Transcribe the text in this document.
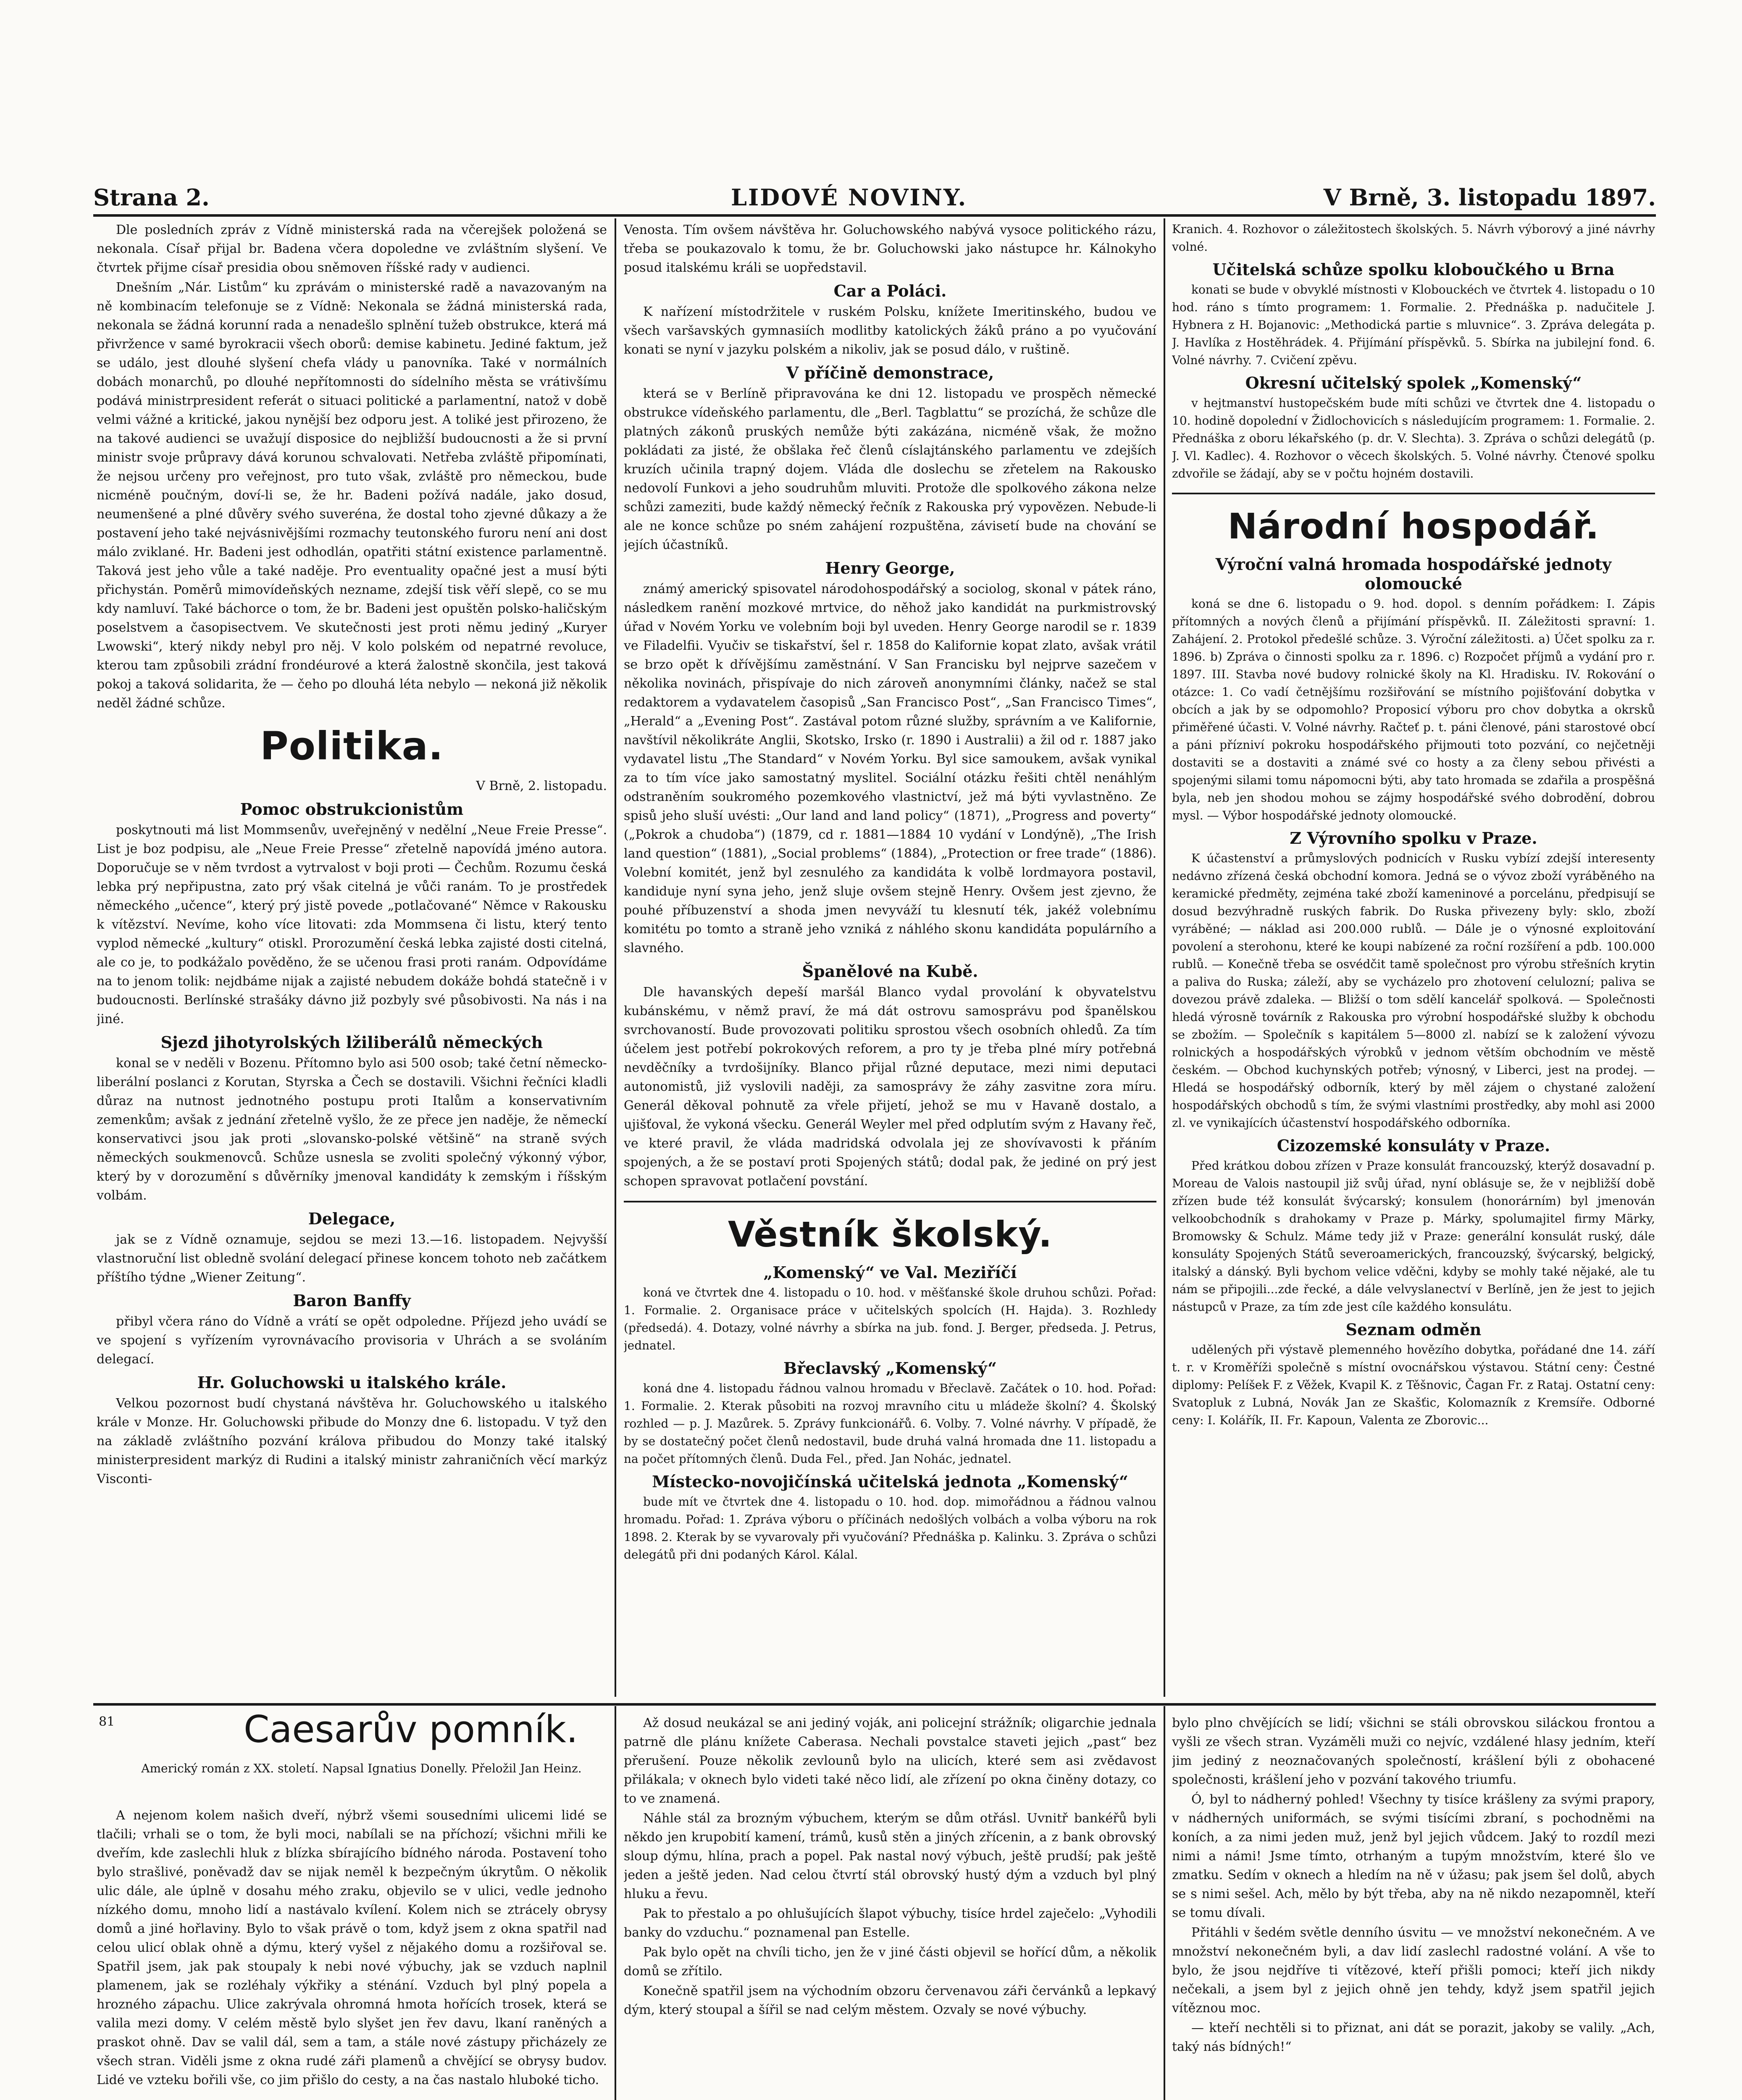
Strana 2.	LIDOVÉ NOVINY.	V Brně, 3. listopadu 1897.

Dle posledních zpráv z Vídně ministerská rada na včerejšek položená se nekonala. Císař přijal br. Badena včera dopoledne ve zvláštním slyšení. Ve čtvrtek přijme císař presidia obou sněmoven říšské rady v audienci.

Dnešním „Nár. Listům“ ku zprávám o ministerské radě a navazovaným na ně kombinacím telefonuje se z Vídně: Nekonala se žádná ministerská rada, nekonala se žádná korunní rada a nenadešlo splnění tužeb obstrukce, která má přivržence v samé byrokracii všech oborů: demise kabinetu. Jediné faktum, jež se událo, jest dlouhé slyšení chefa vlády u panovníka. Také v normálních dobách monarchů, po dlouhé nepřítomnosti do sídelního města se vrátivšímu podává ministrpresident referát o situaci politické a parlamentní, natož v době velmi vážné a kritické, jakou nynější bez odporu jest. A toliké jest přirozeno, že na takové audienci se uvažují disposice do nejbližší budoucnosti a že si první ministr svoje průpravy dává korunou schvalovati. Netřeba zvláště připomínati, že nejsou určeny pro veřejnost, pro tuto však, zvláště pro německou, bude nicméně poučným, doví-li se, že hr. Badeni požívá nadále, jako dosud, neumenšené a plné důvěry svého suveréna, že dostal toho zjevné důkazy a že postavení jeho také nejvásnivějšími rozmachy teutonského furoru není ani dost málo zviklané. Hr. Badeni jest odhodlán, opatřiti státní existence parlamentně. Taková jest jeho vůle a také naděje. Pro eventuality opačné jest a musí býti přichystán. Poměrů mimovídeňských nezname, zdejší tisk věří slepě, co se mu kdy namluví. Také báchorce o tom, že br. Badeni jest opuštěn polsko-haličským poselstvem a časopisectvem. Ve skutečnosti jest proti němu jediný „Kuryer Lwowski“, který nikdy nebyl pro něj. V kolo polském od nepatrné revoluce, kterou tam způsobili zrádní frondéurové a která žalostně skončila, jest taková pokoj a taková solidarita, že — čeho po dlouhá léta nebylo — nekoná již několik neděl žádné schůze.

Politika.

V Brně, 2. listopadu.

Pomoc obstrukcionistům

poskytnouti má list Mommsenův, uveřejněný v nedělní „Neue Freie Presse“. List je boz podpisu, ale „Neue Freie Presse“ zřetelně napovídá jméno autora. Doporučuje se v něm tvrdost a vytrvalost v boji proti — Čechům. Rozumu česká lebka prý nepřipustna, zato prý však citelná je vůči ranám. To je prostředek německého „učence“, který prý jistě povede „potlačované“ Němce v Rakousku k vítězství. Nevíme, koho více litovati: zda Mommsena či listu, který tento vyplod německé „kultury“ otiskl. Prorozumění česká lebka zajisté dosti citelná, ale co je, to podkážalo pověděno, že se učenou frasi proti ranám. Odpovídáme na to jenom tolik: nejdbáme nijak a zajisté nebudem dokáže bohdá statečně i v budoucnosti. Berlínské strašáky dávno již pozbyly své působivosti. Na nás i na jiné.

Sjezd jihotyrolských lžiliberálů německých

konal se v neděli v Bozenu. Přítomno bylo asi 500 osob; také četní německo-liberální poslanci z Korutan, Styrska a Čech se dostavili. Všichni řečníci kladli důraz na nutnost jednotného postupu proti Italům a konservativním zemenkům; avšak z jednání zřetelně vyšlo, že ze přece jen naděje, že německí konservativci jsou jak proti „slovansko-polské většině“ na straně svých německých soukmenovců. Schůze usnesla se zvoliti společný výkonný výbor, který by v dorozumění s důvěrníky jmenoval kandidáty k zemským i říšským volbám.

Delegace,

jak se z Vídně oznamuje, sejdou se mezi 13.—16. listopadem. Nejvyšší vlastnoruční list obledně svolání delegací přinese koncem tohoto neb začátkem příštího týdne „Wiener Zeitung“.

Baron Banffy

přibyl včera ráno do Vídně a vrátí se opět odpoledne. Příjezd jeho uvádí se ve spojení s vyřízením vyrovnávacího provisoria v Uhrách a se svoláním delegací.

Hr. Goluchowski u italského krále.

Velkou pozornost budí chystaná návštěva hr. Goluchowského u italského krále v Monze. Hr. Goluchowski přibude do Monzy dne 6. listopadu. V tyž den na základě zvláštního pozvání králova přibudou do Monzy také italský ministerpresident markýz di Rudini a italský ministr zahraničních věcí markýz Visconti-

Venosta. Tím ovšem návštěva hr. Goluchowského nabývá vysoce politického rázu, třeba se poukazovalo k tomu, že br. Goluchowski jako nástupce hr. Kálnokyho posud italskému králi se uopředstavil.

Car a Poláci.

K nařízení místodržitele v ruském Polsku, knížete Imeritinského, budou ve všech varšavských gymnasiích modlitby katolických žáků práno a po vyučování konati se nyní v jazyku polském a nikoliv, jak se posud dálo, v ruštině.

V příčině demonstrace,

která se v Berlíně připravována ke dni 12. listopadu ve prospěch německé obstrukce vídeňského parlamentu, dle „Berl. Tagblattu“ se prozíchá, že schůze dle platných zákonů pruských nemůže býti zakázána, nicméně však, že možno pokládati za jisté, že obšlaka řeč členů císlajtánského parlamentu ve zdejších kruzích učinila trapný dojem. Vláda dle doslechu se zřetelem na Rakousko nedovolí Funkovi a jeho soudruhům mluviti. Protože dle spolkového zákona nelze schůzi zameziti, bude každý německý řečník z Rakouska prý vypovězen. Nebude-li ale ne konce schůze po sném zahájení rozpuštěna, závisetí bude na chování se jejích účastníků.

Henry George,

známý americký spisovatel národohospodářský a sociolog, skonal v pátek ráno, následkem ranění mozkové mrtvice, do něhož jako kandidát na purkmistrovský úřad v Novém Yorku ve volebním boji byl uveden. Henry George narodil se r. 1839 ve Filadelfii. Vyučiv se tiskařství, šel r. 1858 do Kalifornie kopat zlato, avšak vrátil se brzo opět k dřívějšímu zaměstnání. V San Francisku byl nejprve sazečem v několika novinách, přispívaje do nich zároveň anonymními články, načež se stal redaktorem a vydavatelem časopisů „San Francisco Post“, „San Francisco Times“, „Herald“ a „Evening Post“. Zastával potom různé služby, správním a ve Kalifornie, navštívil několikráte Anglii, Skotsko, Irsko (r. 1890 i Australii) a žil od r. 1887 jako vydavatel listu „The Standard“ v Novém Yorku. Byl sice samoukem, avšak vynikal za to tím více jako samostatný myslitel. Sociální otázku řešiti chtěl nenáhlým odstraněním soukromého pozemkového vlastnictví, jež má býti vyvlastněno. Ze spisů jeho sluší uvésti: „Our land and land policy“ (1871), „Progress and poverty“ („Pokrok a chudoba“) (1879, cd r. 1881—1884 10 vydání v Londýně), „The Irish land question“ (1881), „Social problems“ (1884), „Protection or free trade“ (1886). Volební komitét, jenž byl zesnulého za kandidáta k volbě lordmayora postavil, kandiduje nyní syna jeho, jenž sluje ovšem stejně Henry. Ovšem jest zjevno, že pouhé příbuzenství a shoda jmen nevyváží tu klesnutí ték, jakéž volebnímu komitétu po tomto a straně jeho vzniká z náhlého skonu kandidáta populárního a slavného.

Španělové na Kubě.

Dle havanských depeší maršál Blanco vydal provolání k obyvatelstvu kubánskému, v němž praví, že má dát ostrovu samosprávu pod španělskou svrchovaností. Bude provozovati politiku sprostou všech osobních ohledů. Za tím účelem jest potřebí pokrokových reforem, a pro ty je třeba plné míry potřebná nevděčníky a tvrdošijníky. Blanco přijal různé deputace, mezi nimi deputaci autonomistů, již vyslovili naději, za samosprávy že záhy zasvitne zora míru. Generál děkoval pohnutě za vřele přijetí, jehož se mu v Havaně dostalo, a ujišťoval, že vykoná všecku. Generál Weyler mel před odplutím svým z Havany řeč, ve které pravil, že vláda madridská odvolala jej ze shovívavosti k přáním spojených, a že se postaví proti Spojených států; dodal pak, že jediné on prý jest schopen spravovat potlačení povstání.

Věstník školský.
„Komenský“ ve Val. Meziříčí

koná ve čtvrtek dne 4. listopadu o 10. hod. v měšťanské škole druhou schůzi. Pořad: 1. Formalie. 2. Organisace práce v učitelských spolcích (H. Hajda). 3. Rozhledy (předsedá). 4. Dotazy, volné návrhy a sbírka na jub. fond. J. Berger, předseda. J. Petrus, jednatel.

Břeclavský „Komenský“

koná dne 4. listopadu řádnou valnou hromadu v Břeclavě. Začátek o 10. hod. Pořad: 1. Formalie. 2. Kterak působiti na rozvoj mravního citu u mládeže školní? 4. Školský rozhled — p. J. Mazůrek. 5. Zprávy funkcionářů. 6. Volby. 7. Volné návrhy. V případě, že by se dostatečný počet členů nedostavil, bude druhá valná hromada dne 11. listopadu a na počet přítomných členů. Duda Fel., před. Jan Nohác, jednatel.

Místecko-novojičínská učitelská jednota „Komenský“

bude mít ve čtvrtek dne 4. listopadu o 10. hod. dop. mimořádnou a řádnou valnou hromadu. Pořad: 1. Zpráva výboru o příčinách nedošlých volbách a volba výboru na rok 1898. 2. Kterak by se vyvarovaly při vyučování? Přednáška p. Kalinku. 3. Zpráva o schůzi delegátů při dni podaných Károl. Kálal.

Kranich. 4. Rozhovor o záležitostech školských. 5. Návrh výborový a jiné návrhy volné.

Učitelská schůze spolku kloboučkého u Brna

konati se bude v obvyklé místnosti v Klobouckéch ve čtvrtek 4. listopadu o 10 hod. ráno s tímto programem: 1. Formalie. 2. Přednáška p. nadučitele J. Hybnera z H. Bojanovic: „Methodická partie s mluvnice“. 3. Zpráva delegáta p. J. Havlíka z Hostěhrádek. 4. Přijímání příspěvků. 5. Sbírka na jubilejní fond. 6. Volné návrhy. 7. Cvičení zpěvu.

Okresní učitelský spolek „Komenský“

v hejtmanství hustopečském bude míti schůzi ve čtvrtek dne 4. listopadu o 10. hodině dopolední v Židlochovicích s následujícím programem: 1. Formalie. 2. Přednáška z oboru lékařského (p. dr. V. Slechta). 3. Zpráva o schůzi delegátů (p. J. Vl. Kadlec). 4. Rozhovor o věcech školských. 5. Volné návrhy. Čtenové spolku zdvořile se žádají, aby se v počtu hojném dostavili.

Národní hospodář.
Výroční valná hromada hospodářské jednoty olomoucké

koná se dne 6. listopadu o 9. hod. dopol. s denním pořádkem: I. Zápis přítomných a nových členů a přijímání příspěvků. II. Záležitosti spravní: 1. Zahájení. 2. Protokol předešlé schůze. 3. Výroční záležitosti. a) Účet spolku za r. 1896. b) Zpráva o činnosti spolku za r. 1896. c) Rozpočet příjmů a vydání pro r. 1897. III. Stavba nové budovy rolnické školy na Kl. Hradisku. IV. Rokování o otázce: 1. Co vadí četnějšímu rozšiřování se místního pojišťování dobytka v obcích a jak by se odpomohlo? Proposicí výboru pro chov dobytka a okrsků přiměřené účasti. V. Volné návrhy. Račteť p. t. páni členové, páni starostové obcí a páni přízniví pokroku hospodářského přijmouti toto pozvání, co nejčetněji dostaviti se a dostaviti a známé své co hosty a za členy sebou přivésti a spojenými silami tomu nápomocni býti, aby tato hromada se zdařila a prospěšná byla, neb jen shodou mohou se zájmy hospodářské svého dobrodění, dobrou mysl. — Výbor hospodářské jednoty olomoucké.

Z Výrovního spolku v Praze.

K účastenství a průmyslových podnicích v Rusku vybízí zdejší interesenty nedávno zřízená česká obchodní komora. Jedná se o vývoz zboží vyráběného na keramické předměty, zejména také zboží kameninové a porcelánu, předpisují se dosud bezvýhradně ruských fabrik. Do Ruska přivezeny byly: sklo, zboží vyráběné; — náklad asi 200.000 rublů. — Dále je o výnosné exploitování povolení a sterohonu, které ke koupi nabízené za roční rozšíření a pdb. 100.000 rublů. — Konečně třeba se osvédčit tamě společnost pro výrobu střešních krytin a paliva do Ruska; záleží, aby se vycházelo pro zhotovení celulozní; paliva se dovezou právě zdaleka. — Bližší o tom sdělí kancelář spolková. — Společnosti hledá výrosně továrník z Rakouska pro výrobní hospodářské služby k obchodu se zbožím. — Společník s kapitálem 5—8000 zl. nabízí se k založení vývozu rolnických a hospodářských výrobků v jednom větším obchodním ve městě českém. — Obchod kuchynských potřeb; výnosný, v Liberci, jest na prodej. — Hledá se hospodářský odborník, který by měl zájem o chystané založení hospodářských obchodů s tím, že svými vlastními prostředky, aby mohl asi 2000 zl. ve vynikajících účastenství hospodářského odborníka.

Cizozemské konsuláty v Praze.

Před krátkou dobou zřízen v Praze konsulát francouzský, kterýž dosavadní p. Moreau de Valois nastoupil již svůj úřad, nyní oblásuje se, že v nejbližší době zřízen bude též konsulát švýcarský; konsulem (honorárním) byl jmenován velkoobchodník s drahokamy v Praze p. Márky, spolumajitel firmy Märky, Bromowsky & Schulz. Máme tedy již v Praze: generální konsulát ruský, dále konsuláty Spojených Států severoamerických, francouzský, švýcarský, belgický, italský a dánský. Byli bychom velice vděčni, kdyby se mohly také nějaké, ale tu nám se připojili...zde řecké, a dále velvyslanectví v Berlíně, jen že jest to jejich nástupců v Praze, za tím zde jest cíle každého konsulátu.

Seznam odměn

udělených při výstavě plemenného hovězího dobytka, pořádané dne 14. září t. r. v Kroměříži společně s místní ovocnářskou výstavou. Státní ceny: Čestné diplomy: Pelíšek F. z Věžek, Kvapil K. z Těšnovic, Čagan Fr. z Rataj. Ostatní ceny: Svatopluk z Lubná, Novák Jan ze Skašťic, Kolomazník z Kremsíře. Odborné ceny: I. Kolářík, II. Fr. Kapoun, Valenta ze Zborovic...

81	Caesarův pomník.

Americký román z XX. století. Napsal Ignatius Donelly. Přeložil Jan Heinz.

A nejenom kolem našich dveří, nýbrž všemi sousedními ulicemi lidé se tlačili; vrhali se o tom, že byli moci, nabílali se na příchozí; všichni mřili ke dveřím, kde zaslechli hluk z blízka sbírajícího bídného národa. Postavení toho bylo strašlivé, poněvadž dav se nijak neměl k bezpečným úkrytům. O několik ulic dále, ale úplně v dosahu mého zraku, objevilo se v ulici, vedle jednoho nízkého domu, mnoho lidí a nastávalo kvílení. Kolem nich se ztrácely obrysy domů a jiné hořlaviny. Bylo to však právě o tom, když jsem z okna spatřil nad celou ulicí oblak ohně a dýmu, který vyšel z nějakého domu a rozšiřoval se. Spatřil jsem, jak pak stoupaly k nebi nové výbuchy, jak se vzduch naplnil plamenem, jak se rozléhaly výkřiky a sténání. Vzduch byl plný popela a hrozného zápachu. Ulice zakrývala ohromná hmota hořících trosek, která se valila mezi domy. V celém městě bylo slyšet jen řev davu, lkaní raněných a praskot ohně. Dav se valil dál, sem a tam, a stále nové zástupy přicházely ze všech stran. Viděli jsme z okna rudé záři plamenů a chvějící se obrysy budov. Lidé ve vzteku bořili vše, co jim přišlo do cesty, a na čas nastalo hluboké ticho.

Až dosud neukázal se ani jediný voják, ani policejní strážník; oligarchie jednala patrně dle plánu knížete Caberasa. Nechali povstalce staveti jejich „past“ bez přerušení. Pouze několik zevlounů bylo na ulicích, které sem asi zvědavost přilákala; v oknech bylo videti také něco lidí, ale zřízení po okna činěny dotazy, co to ve znamená.

Náhle stál za brozným výbuchem, kterým se dům otřásl. Uvnitř bankéřů byli někdo jen krupobití kamení, trámů, kusů stěn a jiných zřícenin, a z bank obrovský sloup dýmu, hlína, prach a popel. Pak nastal nový výbuch, ještě prudší; pak ještě jeden a ještě jeden. Nad celou čtvrtí stál obrovský hustý dým a vzduch byl plný hluku a řevu.

Pak to přestalo a po ohlušujících šlapot výbuchy, tisíce hrdel zaječelo: „Vyhodili banky do vzduchu.“ poznamenal pan Estelle.

Pak bylo opět na chvíli ticho, jen že v jiné části objevil se hořící dům, a několik domů se zřítilo.

Konečně spatřil jsem na východním obzoru červenavou záři červánků a lepkavý dým, který stoupal a šířil se nad celým městem. Ozvaly se nové výbuchy.

bylo plno chvějících se lidí; všichni se stáli obrovskou siláckou frontou a vyšli ze všech stran. Vyzáměli muži co nejvíc, vzdálené hlasy jedním, kteří jim jediný z neoznačovaných společností, krášlení býli z obohacené společnosti, krášlení jeho v pozvání takového triumfu.

Ó, byl to nádherný pohled! Všechny ty tisíce krášleny za svými prapory, v nádherných uniformách, se svými tisícími zbraní, s pochodněmi na koních, a za nimi jeden muž, jenž byl jejich vůdcem. Jaký to rozdíl mezi nimi a námi! Jsme tímto, otrhaným a tupým množstvím, které šlo ve zmatku. Sedím v oknech a hledím na ně v úžasu; pak jsem šel dolů, abych se s nimi sešel. Ach, mělo by být třeba, aby na ně nikdo nezapomněl, kteří se tomu dívali.

Přitáhli v šedém světle denního úsvitu — ve množství nekonečném. A ve množství nekonečném byli, a dav lidí zaslechl radostné volání. A vše to bylo, že jsou nejdříve ti vítězové, kteří přišli pomoci; kteří jich nikdy nečekali, a jsem byl z jejich ohně jen tehdy, když jsem spatřil jejich vítěznou moc.

— kteří nechtěli si to přiznat, ani dát se porazit, jakoby se valily. „Ach, taký nás bídných!“
